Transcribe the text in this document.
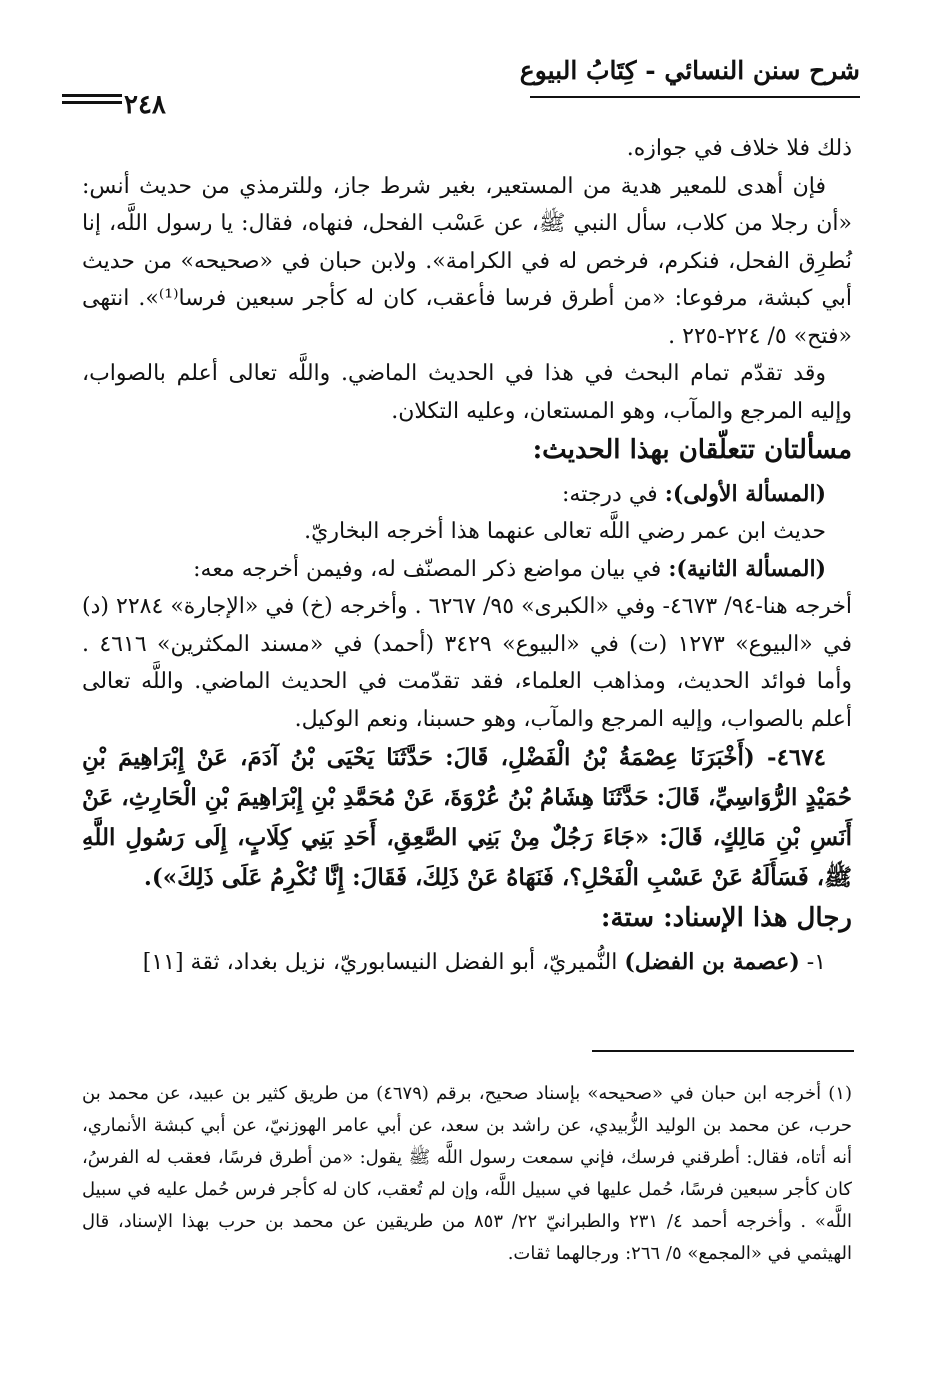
شرح سنن النسائي - كِتَابُ البيوع
٢٤٨

ذلك فلا خلاف في جوازه.

فإن أهدى للمعير هدية من المستعير، بغير شرط جاز، وللترمذي من حديث أنس: «أن رجلا من كلاب، سأل النبي ﷺ، عن عَسْب الفحل، فنهاه، فقال: يا رسول اللَّه، إنا نُطرِق الفحل، فنكرم، فرخص له في الكرامة». ولابن حبان في «صحيحه» من حديث أبي كبشة، مرفوعا: «من أطرق فرسا فأعقب، كان له كأجر سبعين فرسا⁽¹⁾». انتهى «فتح» ٥/ ٢٢٤-٢٢٥ .

وقد تقدّم تمام البحث في هذا في الحديث الماضي. واللَّه تعالى أعلم بالصواب، وإليه المرجع والمآب، وهو المستعان، وعليه التكلان.

مسألتان تتعلّقان بهذا الحديث:

(المسألة الأولى): في درجته:

حديث ابن عمر رضي اللَّه تعالى عنهما هذا أخرجه البخاريّ.

(المسألة الثانية): في بيان مواضع ذكر المصنّف له، وفيمن أخرجه معه:

أخرجه هنا-٩٤/ ٤٦٧٣- وفي «الكبرى» ٩٥/ ٦٢٦٧ . وأخرجه (خ) في «الإجارة» ٢٢٨٤ (د) في «البيوع» ١٢٧٣ (ت) في «البيوع» ٣٤٢٩ (أحمد) في «مسند المكثرين» ٤٦١٦ . وأما فوائد الحديث، ومذاهب العلماء، فقد تقدّمت في الحديث الماضي. واللَّه تعالى أعلم بالصواب، وإليه المرجع والمآب، وهو حسبنا، ونعم الوكيل.

٤٦٧٤- (أَخْبَرَنَا عِصْمَةُ بْنُ الْفَضْلِ، قَالَ: حَدَّثَنَا يَحْيَى بْنُ آدَمَ، عَنْ إِبْرَاهِيمَ بْنِ حُمَيْدٍ الرُّوَاسِيِّ، قَالَ: حَدَّثَنَا هِشَامُ بْنُ عُرْوَةَ، عَنْ مُحَمَّدِ بْنِ إِبْرَاهِيمَ بْنِ الْحَارِثِ، عَنْ أَنَسِ بْنِ مَالِكٍ، قَالَ: «جَاءَ رَجُلٌ مِنْ بَنِي الصَّعِقِ، أَحَدِ بَنِي كِلَابٍ، إِلَى رَسُولِ اللَّهِ ﷺ، فَسَأَلَهُ عَنْ عَسْبِ الْفَحْلِ؟، فَنَهَاهُ عَنْ ذَلِكَ، فَقَالَ: إِنَّا نُكْرِمُ عَلَى ذَلِكَ»).

رجال هذا الإسناد: ستة:

١- (عصمة بن الفضل) النُّميريّ، أبو الفضل النيسابوريّ، نزيل بغداد، ثقة [١١]

(١) أخرجه ابن حبان في «صحيحه» بإسناد صحيح، برقم (٤٦٧٩) من طريق كثير بن عبيد، عن محمد بن حرب، عن محمد بن الوليد الزُّبيدي، عن راشد بن سعد، عن أبي عامر الهوزنيّ، عن أبي كبشة الأنماري، أنه أتاه، فقال: أطرقني فرسك، فإني سمعت رسول اللَّه ﷺ يقول: «من أطرق فرسًا، فعقب له الفرسُ، كان كأجر سبعين فرسًا، حُمل عليها في سبيل اللَّه، وإن لم تُعقب، كان له كأجر فرس حُمل عليه في سبيل اللَّه» . وأخرجه أحمد ٤/ ٢٣١ والطبرانيّ ٢٢/ ٨٥٣ من طريقين عن محمد بن حرب بهذا الإسناد، قال الهيثمي في «المجمع» ٥/ ٢٦٦: ورجالهما ثقات.
